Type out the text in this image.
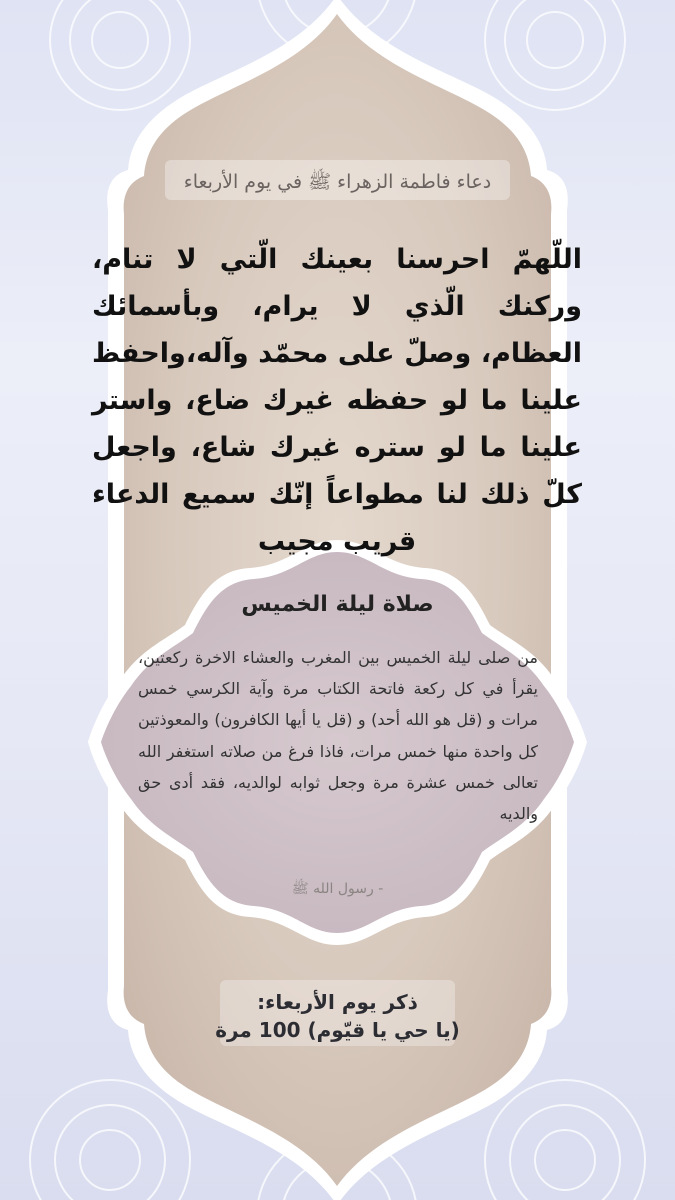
دعاء فاطمة الزهراء ﷺ في يوم الأربعاء
اللّهمّ احرسنا بعينك الّتي لا تنام، وركنك الّذي لا يرام، وبأسمائك العظام، وصلّ على محمّد وآله،واحفظ علينا ما لو حفظه غيرك ضاع، واستر علينا ما لو ستره غيرك شاع، واجعل كلّ ذلك لنا مطواعاً إنّك سميع الدعاء قريب مجيب
صلاة ليلة الخميس
من صلى ليلة الخميس بين المغرب والعشاء الاخرة ركعتين، يقرأ في كل ركعة فاتحة الكتاب مرة وآية الكرسي خمس مرات و (قل هو الله أحد) و (قل يا أيها الكافرون) والمعوذتين كل واحدة منها خمس مرات، فاذا فرغ من صلاته استغفر الله تعالى خمس عشرة مرة وجعل ثوابه لوالديه، فقد أدى حق والديه
- رسول الله ﷺ
ذكر يوم الأربعاء:
(يا حي يا قيّوم) 100 مرة
